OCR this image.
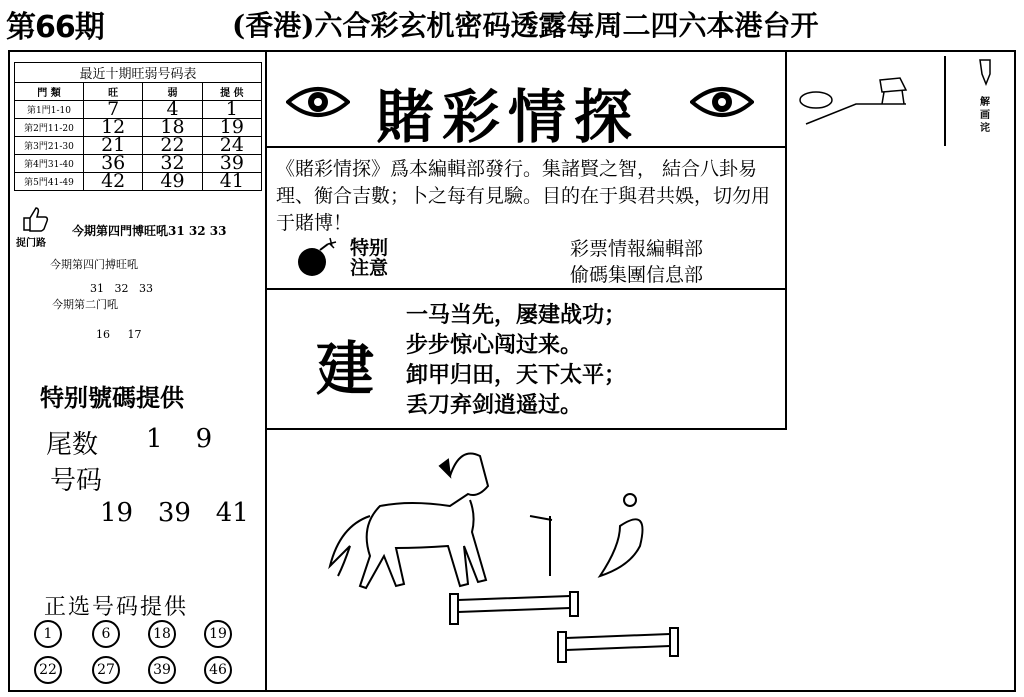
第66期	(香港)六合彩玄机密码透露每周二四六本港台开
最近十期旺弱号码表			
門 類	旺	弱	提 供
第1門1-10	7	4	1
第2門11-20	12	18	19
第3門21-30	21	22	24
第4門31-40	36	32	39
第5門41-49	42	49	41
捉门路
今期第四門博旺吼31 32 33
今期第四门搏旺吼
31   32   33
今期第二门吼
16     17
特别號碼提供
尾数 1    9
号码
19   39   41
正选号码提供
1	6	18	19
22	27	39	46
賭彩情探
《賭彩情探》爲本編輯部發行。集諸賢之智， 結合八卦易理、衡合吉數；卜之每有見驗。目的在于與君共娛，切勿用于賭博！
特别
注意
彩票情報編輯部
偷碼集團信息部
建
一马当先，屡建战功；
步步惊心闯过来。
卸甲归田，天下太平；
丢刀弃剑逍遥过。
解画诧
